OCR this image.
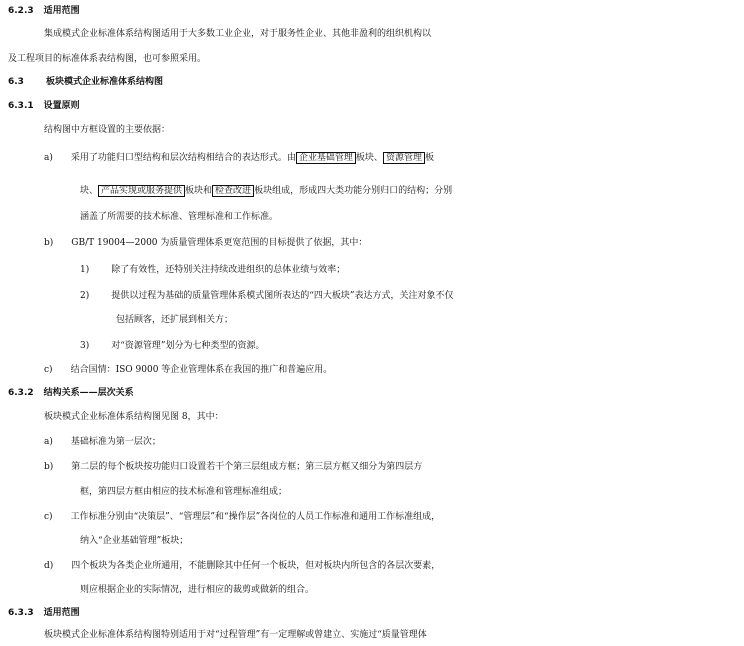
6.2.3 适用范围
集成模式企业标准体系结构图适用于大多数工业企业，对于服务性企业、其他非盈利的组织机构以
及工程项目的标准体系表结构图，也可参照采用。
6.3 板块模式企业标准体系结构图
6.3.1 设置原则
结构图中方框设置的主要依据：
a) 采用了功能归口型结构和层次结构相结合的表达形式。由 企业基础管理 板块、 资源管理 板
块、 产品实现或服务提供 板块和 检查改进 板块组成，形成四大类功能分别归口的结构；分别
涵盖了所需要的技术标准、管理标准和工作标准。
b) GB/T 19004—2000 为质量管理体系更宽范围的目标提供了依据，其中：
1) 除了有效性，还特别关注持续改进组织的总体业绩与效率；
2) 提供以过程为基础的质量管理体系模式图所表达的“四大板块”表达方式，关注对象不仅
包括顾客，还扩展到相关方；
3) 对“资源管理”划分为七种类型的资源。
c) 结合国情：ISO 9000 等企业管理体系在我国的推广和普遍应用。
6.3.2 结构关系——层次关系
板块模式企业标准体系结构图见图 8，其中：
a) 基础标准为第一层次；
b) 第二层的每个板块按功能归口设置若干个第三层组成方框；第三层方框又细分为第四层方
框，第四层方框由相应的技术标准和管理标准组成；
c) 工作标准分别由“决策层”、“管理层”和“操作层”各岗位的人员工作标准和通用工作标准组成，
纳入“企业基础管理”板块；
d) 四个板块为各类企业所通用，不能删除其中任何一个板块，但对板块内所包含的各层次要素，
则应根据企业的实际情况，进行相应的裁剪或做新的组合。
6.3.3 适用范围
板块模式企业标准体系结构图特别适用于对“过程管理”有一定理解或曾建立、实施过“质量管理体
